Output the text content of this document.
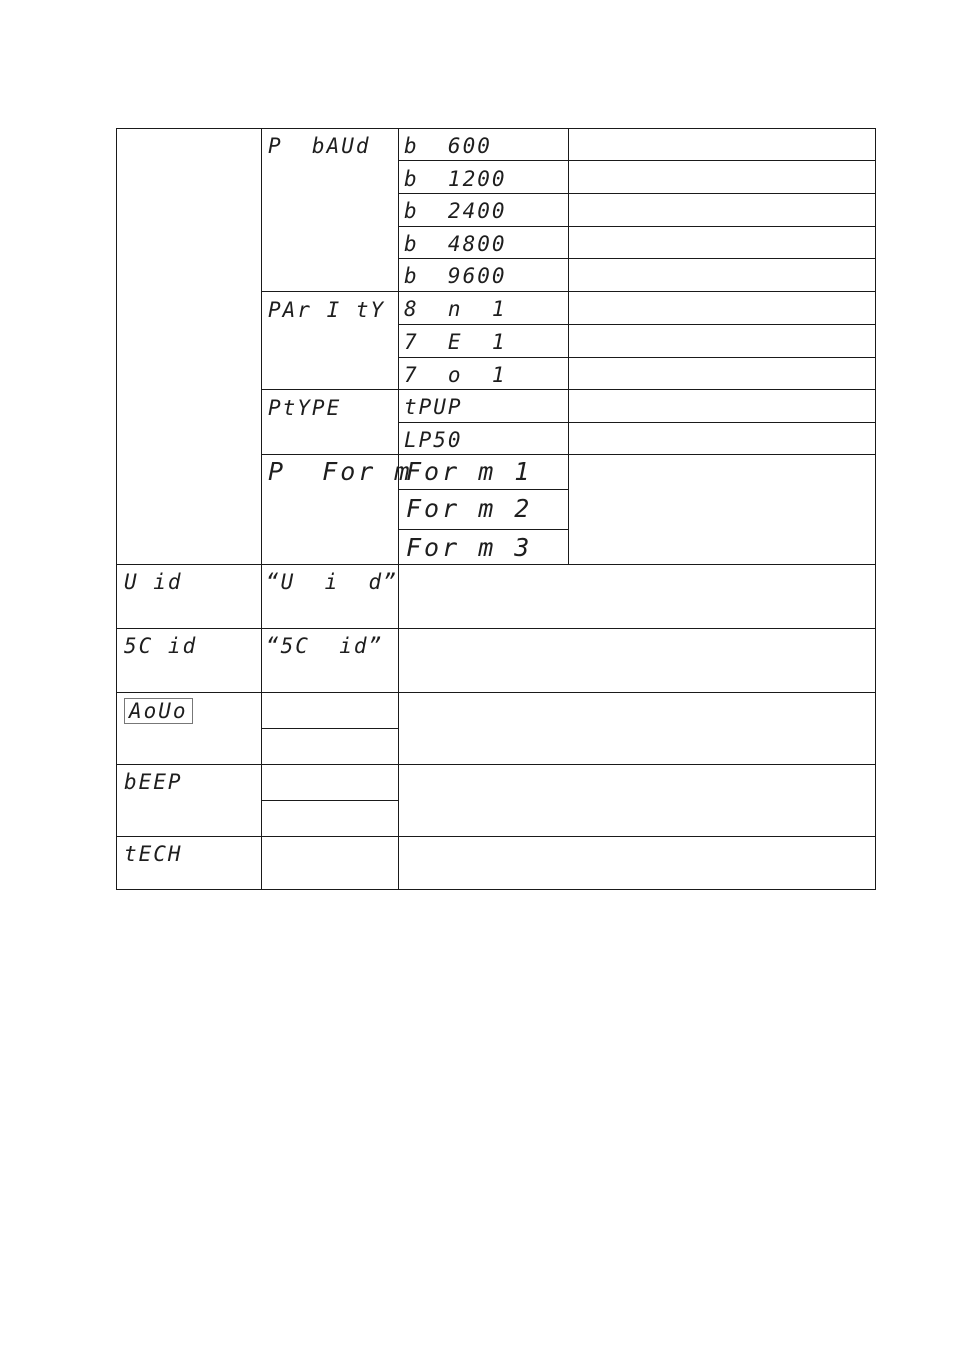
P  bAUd
PAr I tY
PtYPE
P  For m
“U  i  d”
“5C  id”
b  600
b  1200
b  2400
b  4800
b  9600
8  n  1
7  E  1
7  o  1
tPUP
LP50
For m 1
For m 2
For m 3
U id
5C id
AoUo
bEEP
tECH
